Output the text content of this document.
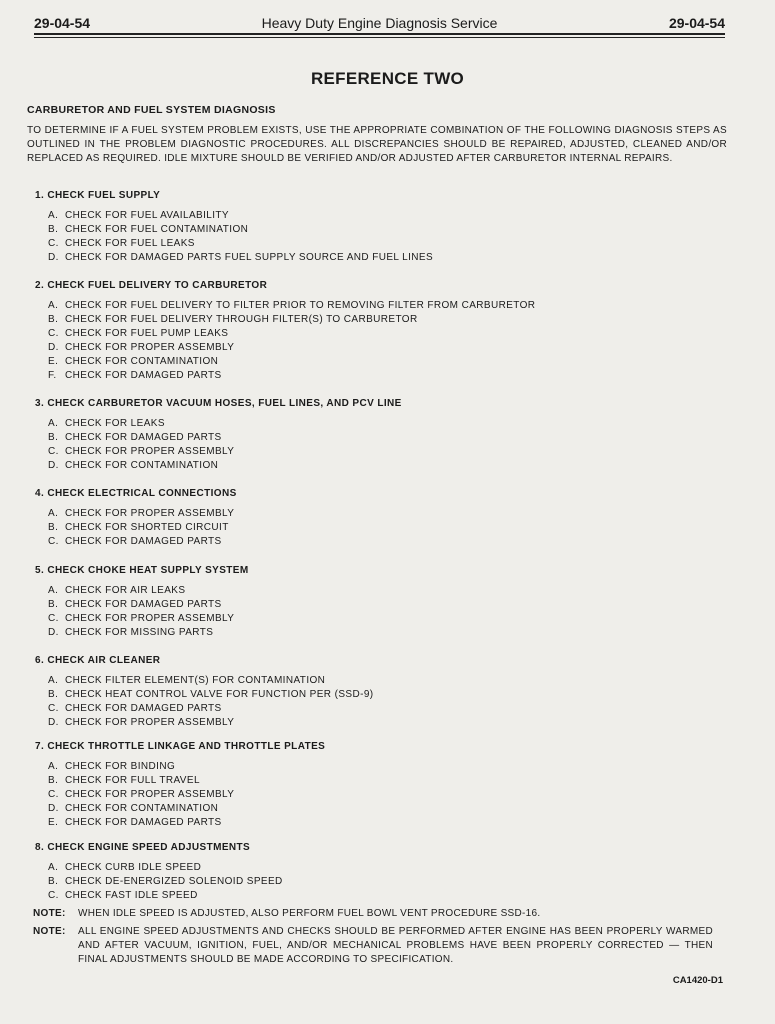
29-04-54	Heavy Duty Engine Diagnosis Service	29-04-54
REFERENCE TWO
CARBURETOR AND FUEL SYSTEM DIAGNOSIS
TO DETERMINE IF A FUEL SYSTEM PROBLEM EXISTS, USE THE APPROPRIATE COMBINATION OF THE FOLLOWING DIAGNOSIS STEPS AS OUTLINED IN THE PROBLEM DIAGNOSTIC PROCEDURES. ALL DISCREPANCIES SHOULD BE REPAIRED, ADJUSTED, CLEANED AND/OR REPLACED AS REQUIRED. IDLE MIXTURE SHOULD BE VERIFIED AND/OR ADJUSTED AFTER CARBURETOR INTERNAL REPAIRS.
1. CHECK FUEL SUPPLY
A. CHECK FOR FUEL AVAILABILITY
B. CHECK FOR FUEL CONTAMINATION
C. CHECK FOR FUEL LEAKS
D. CHECK FOR DAMAGED PARTS FUEL SUPPLY SOURCE AND FUEL LINES
2. CHECK FUEL DELIVERY TO CARBURETOR
A. CHECK FOR FUEL DELIVERY TO FILTER PRIOR TO REMOVING FILTER FROM CARBURETOR
B. CHECK FOR FUEL DELIVERY THROUGH FILTER(S) TO CARBURETOR
C. CHECK FOR FUEL PUMP LEAKS
D. CHECK FOR PROPER ASSEMBLY
E. CHECK FOR CONTAMINATION
F. CHECK FOR DAMAGED PARTS
3. CHECK CARBURETOR VACUUM HOSES, FUEL LINES, AND PCV LINE
A. CHECK FOR LEAKS
B. CHECK FOR DAMAGED PARTS
C. CHECK FOR PROPER ASSEMBLY
D. CHECK FOR CONTAMINATION
4. CHECK ELECTRICAL CONNECTIONS
A. CHECK FOR PROPER ASSEMBLY
B. CHECK FOR SHORTED CIRCUIT
C. CHECK FOR DAMAGED PARTS
5. CHECK CHOKE HEAT SUPPLY SYSTEM
A. CHECK FOR AIR LEAKS
B. CHECK FOR DAMAGED PARTS
C. CHECK FOR PROPER ASSEMBLY
D. CHECK FOR MISSING PARTS
6. CHECK AIR CLEANER
A. CHECK FILTER ELEMENT(S) FOR CONTAMINATION
B. CHECK HEAT CONTROL VALVE FOR FUNCTION PER (SSD-9)
C. CHECK FOR DAMAGED PARTS
D. CHECK FOR PROPER ASSEMBLY
7. CHECK THROTTLE LINKAGE AND THROTTLE PLATES
A. CHECK FOR BINDING
B. CHECK FOR FULL TRAVEL
C. CHECK FOR PROPER ASSEMBLY
D. CHECK FOR CONTAMINATION
E. CHECK FOR DAMAGED PARTS
8. CHECK ENGINE SPEED ADJUSTMENTS
A. CHECK CURB IDLE SPEED
B. CHECK DE-ENERGIZED SOLENOID SPEED
C. CHECK FAST IDLE SPEED
NOTE:	WHEN IDLE SPEED IS ADJUSTED, ALSO PERFORM FUEL BOWL VENT PROCEDURE SSD-16.
NOTE:	ALL ENGINE SPEED ADJUSTMENTS AND CHECKS SHOULD BE PERFORMED AFTER ENGINE HAS BEEN PROPERLY WARMED AND AFTER VACUUM, IGNITION, FUEL, AND/OR MECHANICAL PROBLEMS HAVE BEEN PROPERLY CORRECTED — THEN FINAL ADJUSTMENTS SHOULD BE MADE ACCORDING TO SPECIFICATION.
CA1420-D1
